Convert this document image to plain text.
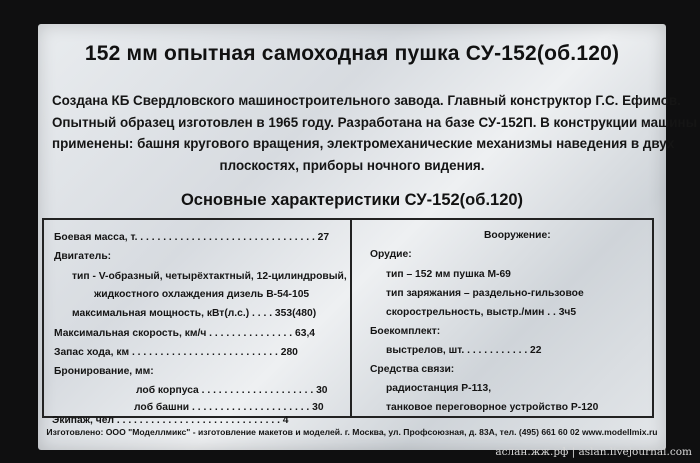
152 мм опытная самоходная пушка СУ-152(об.120)
Создана КБ Свердловского машиностроительного завода. Главный конструктор Г.С. Ефимов.
Опытный образец изготовлен в 1965 году. Разработана на базе СУ-152П. В конструкции машины
применены: башня кругового вращения, электромеханические механизмы наведения в двух
плоскостях, приборы ночного видения.
Основные характеристики СУ-152(об.120)
Боевая масса, т. . . . . . . . . . . . . . . . . . . . . . . . . . . . . . . . 27
Двигатель:
тип - V-образный, четырёхтактный, 12-цилиндровый,
жидкостного охлаждения дизель В-54-105
максимальная мощность, кВт(л.с.) . . . . 353(480)
Максимальная скорость, км/ч . . . . . . . . . . . . . . . 63,4
Запас хода, км . . . . . . . . . . . . . . . . . . . . . . . . . . 280
Бронирование, мм:
лоб корпуса . . . . . . . . . . . . . . . . . . . . 30
Вооружение:
Орудие:
тип – 152 мм пушка М-69
тип заряжания – раздельно-гильзовое
скорострельность, выстр./мин . . 3ч5
Боекомплект:
выстрелов, шт. . . . . . . . . . . . 22
Средства связи:
радиостанция Р-113,
танковое переговорное устройство Р-120
лоб башни . . . . . . . . . . . . . . . . . . . . . 30
Изготовлено: ООО "Моделлмикс" - изготовление макетов и моделей. г. Москва, ул. Профсоюзная, д. 83А, тел. (495) 661 60 02 www.modellmix.ru
Экипаж, чел . . . . . . . . . . . . . . . . . . . . . . . . . . . . . 4
аслан.жж.рф | aslan.livejournal.com
